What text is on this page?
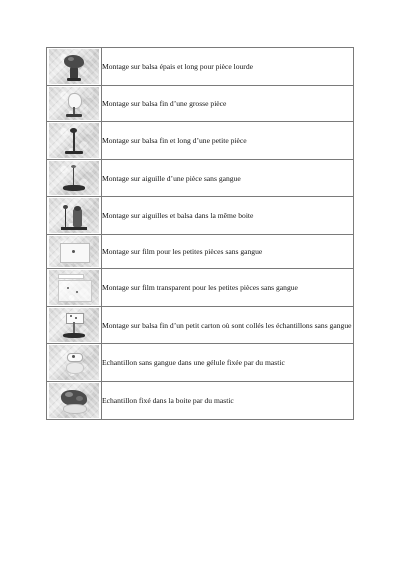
	Montage sur balsa épais et long pour pièce lourde

	Montage sur balsa fin d’une grosse pièce

	Montage sur balsa fin et long d’une petite pièce

	Montage sur aiguille d’une pièce sans gangue

	Montage sur aiguilles et balsa dans la même boite

	Montage sur film pour les petites pièces sans gangue

	Montage sur film transparent pour les petites pièces sans gangue

	Montage sur balsa fin d’un petit carton où sont collés les échantillons sans gangue

	Echantillon sans gangue dans une gélule fixée par du mastic

	Echantillon fixé dans la boite par du mastic
